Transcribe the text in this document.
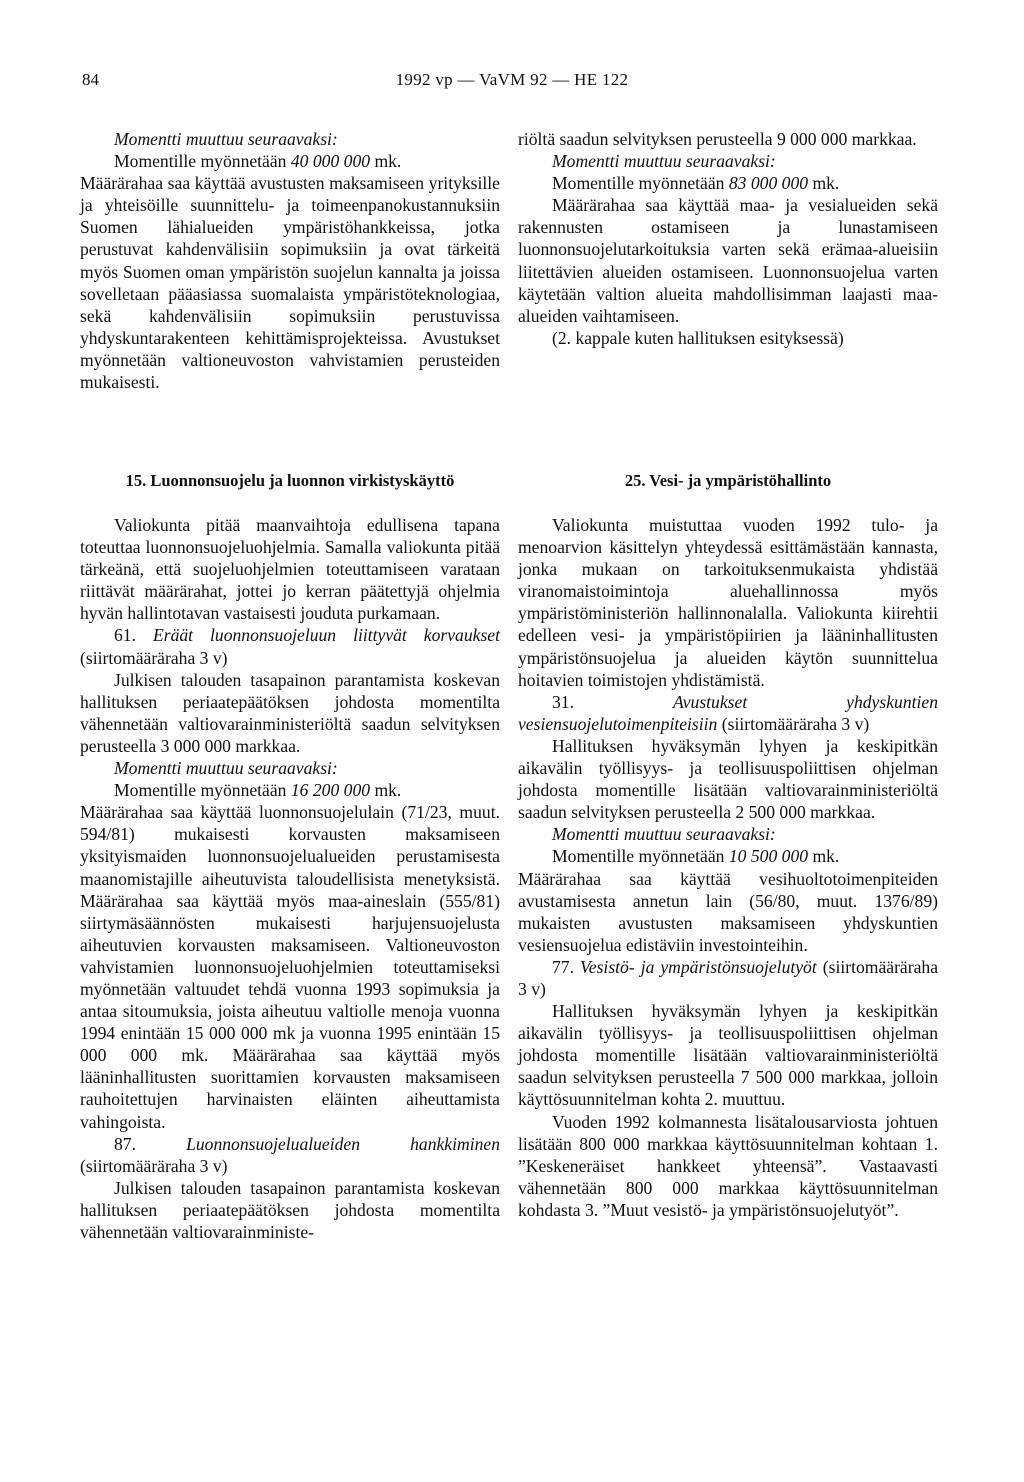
84	1992 vp — VaVM 92 — HE 122

Momentti muuttuu seuraavaksi:

Momentille myönnetään 40 000 000 mk.

Määrärahaa saa käyttää avustusten maksamiseen yrityksille ja yhteisöille suunnittelu- ja toimeenpanokustannuksiin Suomen lähialueiden ympäristöhankkeissa, jotka perustuvat kahdenvälisiin sopimuksiin ja ovat tärkeitä myös Suomen oman ympäristön suojelun kannalta ja joissa sovelletaan pääasiassa suomalaista ympäristöteknologiaa, sekä kahdenvälisiin sopimuksiin perustuvissa yhdyskuntarakenteen kehittämisprojekteissa. Avustukset myönnetään valtioneuvoston vahvistamien perusteiden mukaisesti.

riöltä saadun selvityksen perusteella 9 000 000 markkaa.

Momentti muuttuu seuraavaksi:

Momentille myönnetään 83 000 000 mk.

Määrärahaa saa käyttää maa- ja vesialueiden sekä rakennusten ostamiseen ja lunastamiseen luonnonsuojelutarkoituksia varten sekä erämaa-alueisiin liitettävien alueiden ostamiseen. Luonnonsuojelua varten käytetään valtion alueita mahdollisimman laajasti maa-alueiden vaihtamiseen.

(2. kappale kuten hallituksen esityksessä)

15. Luonnonsuojelu ja luonnon virkistyskäyttö	25. Vesi- ja ympäristöhallinto

Valiokunta pitää maanvaihtoja edullisena tapana toteuttaa luonnonsuojeluohjelmia. Samalla valiokunta pitää tärkeänä, että suojeluohjelmien toteuttamiseen varataan riittävät määrärahat, jottei jo kerran päätettyjä ohjelmia hyvän hallintotavan vastaisesti jouduta purkamaan.

61. Eräät luonnonsuojeluun liittyvät korvaukset (siirtomääräraha 3 v)

Julkisen talouden tasapainon parantamista koskevan hallituksen periaatepäätöksen johdosta momentilta vähennetään valtiovarainministeriöltä saadun selvityksen perusteella 3 000 000 markkaa.

Momentti muuttuu seuraavaksi:

Momentille myönnetään 16 200 000 mk.

Määrärahaa saa käyttää luonnonsuojelulain (71/23, muut. 594/81) mukaisesti korvausten maksamiseen yksityismaiden luonnonsuojelualueiden perustamisesta maanomistajille aiheutuvista taloudellisista menetyksistä. Määrärahaa saa käyttää myös maa-aineslain (555/81) siirtymäsäännösten mukaisesti harjujensuojelusta aiheutuvien korvausten maksamiseen. Valtioneuvoston vahvistamien luonnonsuojeluohjelmien toteuttamiseksi myönnetään valtuudet tehdä vuonna 1993 sopimuksia ja antaa sitoumuksia, joista aiheutuu valtiolle menoja vuonna 1994 enintään 15 000 000 mk ja vuonna 1995 enintään 15 000 000 mk. Määrärahaa saa käyttää myös lääninhallitusten suorittamien korvausten maksamiseen rauhoitettujen harvinaisten eläinten aiheuttamista vahingoista.

87. Luonnonsuojelualueiden hankkiminen (siirtomääräraha 3 v)

Julkisen talouden tasapainon parantamista koskevan hallituksen periaatepäätöksen johdosta momentilta vähennetään valtiovarainministe-

Valiokunta muistuttaa vuoden 1992 tulo- ja menoarvion käsittelyn yhteydessä esittämästään kannasta, jonka mukaan on tarkoituksenmukaista yhdistää viranomaistoimintoja aluehallinnossa myös ympäristöministeriön hallinnonalalla. Valiokunta kiirehtii edelleen vesi- ja ympäristöpiirien ja lääninhallitusten ympäristönsuojelua ja alueiden käytön suunnittelua hoitavien toimistojen yhdistämistä.

31. Avustukset yhdyskuntien vesiensuojelutoimenpiteisiin (siirtomääräraha 3 v)

Hallituksen hyväksymän lyhyen ja keskipitkän aikavälin työllisyys- ja teollisuuspoliittisen ohjelman johdosta momentille lisätään valtiovarainministeriöltä saadun selvityksen perusteella 2 500 000 markkaa.

Momentti muuttuu seuraavaksi:

Momentille myönnetään 10 500 000 mk.

Määrärahaa saa käyttää vesihuoltotoimenpiteiden avustamisesta annetun lain (56/80, muut. 1376/89) mukaisten avustusten maksamiseen yhdyskuntien vesiensuojelua edistäviin investointeihin.

77. Vesistö- ja ympäristönsuojelutyöt (siirtomääräraha 3 v)

Hallituksen hyväksymän lyhyen ja keskipitkän aikavälin työllisyys- ja teollisuuspoliittisen ohjelman johdosta momentille lisätään valtiovarainministeriöltä saadun selvityksen perusteella 7 500 000 markkaa, jolloin käyttösuunnitelman kohta 2. muuttuu.

Vuoden 1992 kolmannesta lisätalousarviosta johtuen lisätään 800 000 markkaa käyttösuunnitelman kohtaan 1. ”Keskeneräiset hankkeet yhteensä”. Vastaavasti vähennetään 800 000 markkaa käyttösuunnitelman kohdasta 3. ”Muut vesistö- ja ympäristönsuojelutyöt”.
